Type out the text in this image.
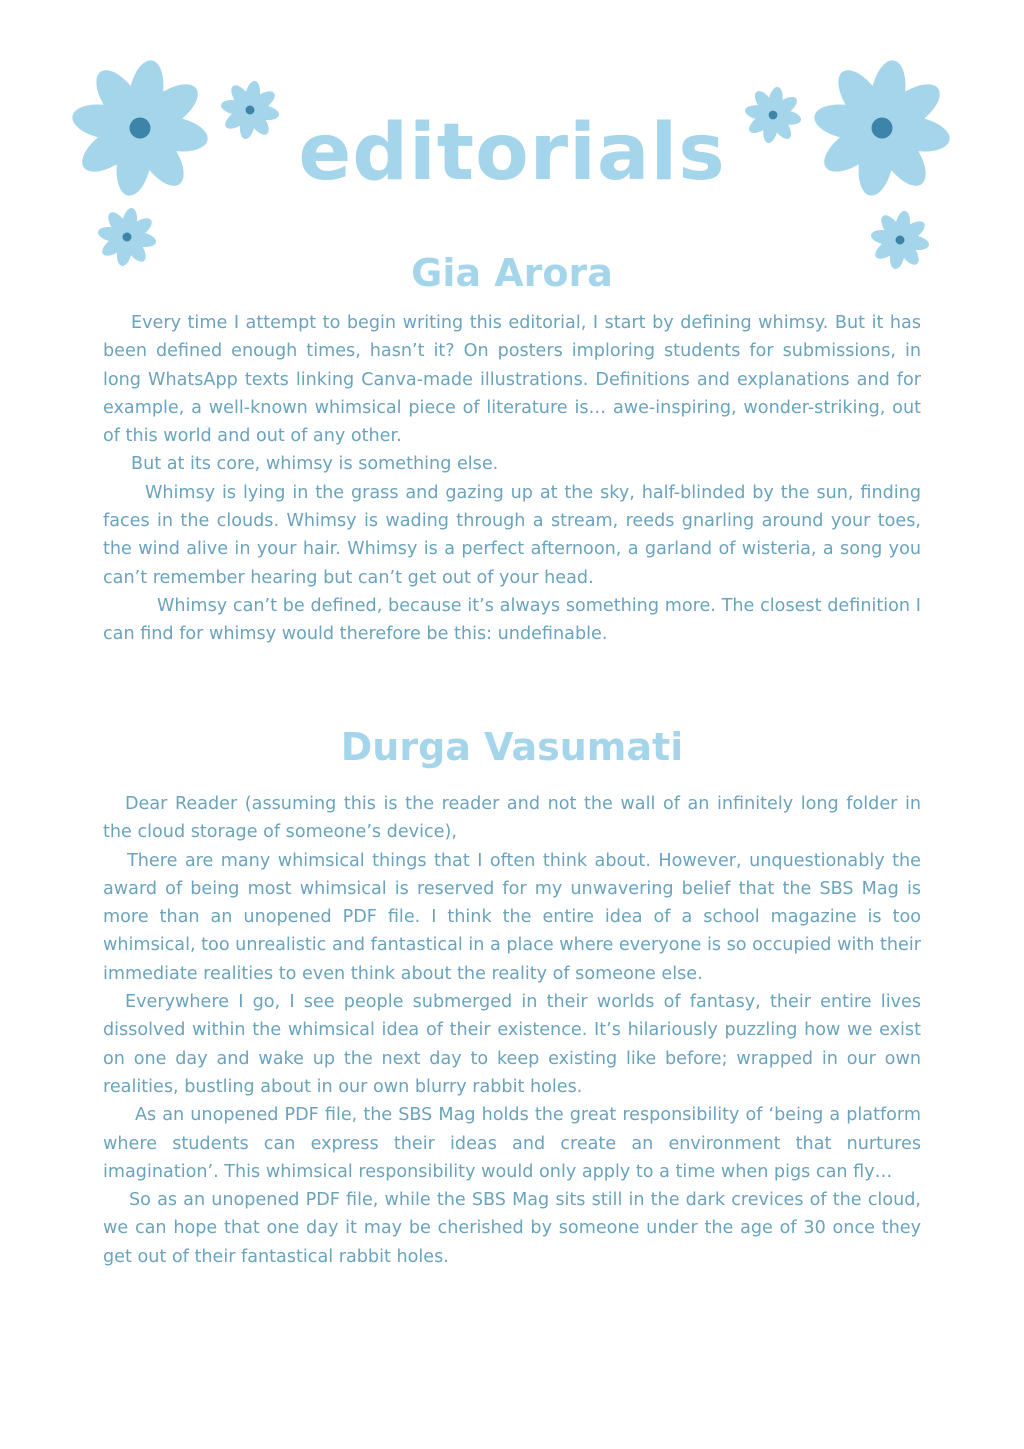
editorials
Gia Arora

Every time I attempt to begin writing this editorial, I start by defining whimsy. But it has been defined enough times, hasn’t it? On posters imploring students for submissions, in long WhatsApp texts linking Canva-made illustrations. Definitions and explanations and for example, a well-known whimsical piece of literature is… awe-inspiring, wonder-striking, out of this world and out of any other.

But at its core, whimsy is something else.

Whimsy is lying in the grass and gazing up at the sky, half-blinded by the sun, finding faces in the clouds. Whimsy is wading through a stream, reeds gnarling around your toes, the wind alive in your hair. Whimsy is a perfect afternoon, a garland of wisteria, a song you can’t remember hearing but can’t get out of your head.

Whimsy can’t be defined, because it’s always something more. The closest definition I can find for whimsy would therefore be this: undefinable.

Durga Vasumati

Dear Reader (assuming this is the reader and not the wall of an infinitely long folder in the cloud storage of someone’s device),

There are many whimsical things that I often think about. However, unquestionably the award of being most whimsical is reserved for my unwavering belief that the SBS Mag is more than an unopened PDF file. I think the entire idea of a school magazine is too whimsical, too unrealistic and fantastical in a place where everyone is so occupied with their immediate realities to even think about the reality of someone else.

Everywhere I go, I see people submerged in their worlds of fantasy, their entire lives dissolved within the whimsical idea of their existence. It’s hilariously puzzling how we exist on one day and wake up the next day to keep existing like before; wrapped in our own realities, bustling about in our own blurry rabbit holes.

As an unopened PDF file, the SBS Mag holds the great responsibility of ‘being a platform where students can express their ideas and create an environment that nurtures imagination’. This whimsical responsibility would only apply to a time when pigs can fly…

So as an unopened PDF file, while the SBS Mag sits still in the dark crevices of the cloud, we can hope that one day it may be cherished by someone under the age of 30 once they get out of their fantastical rabbit holes.
